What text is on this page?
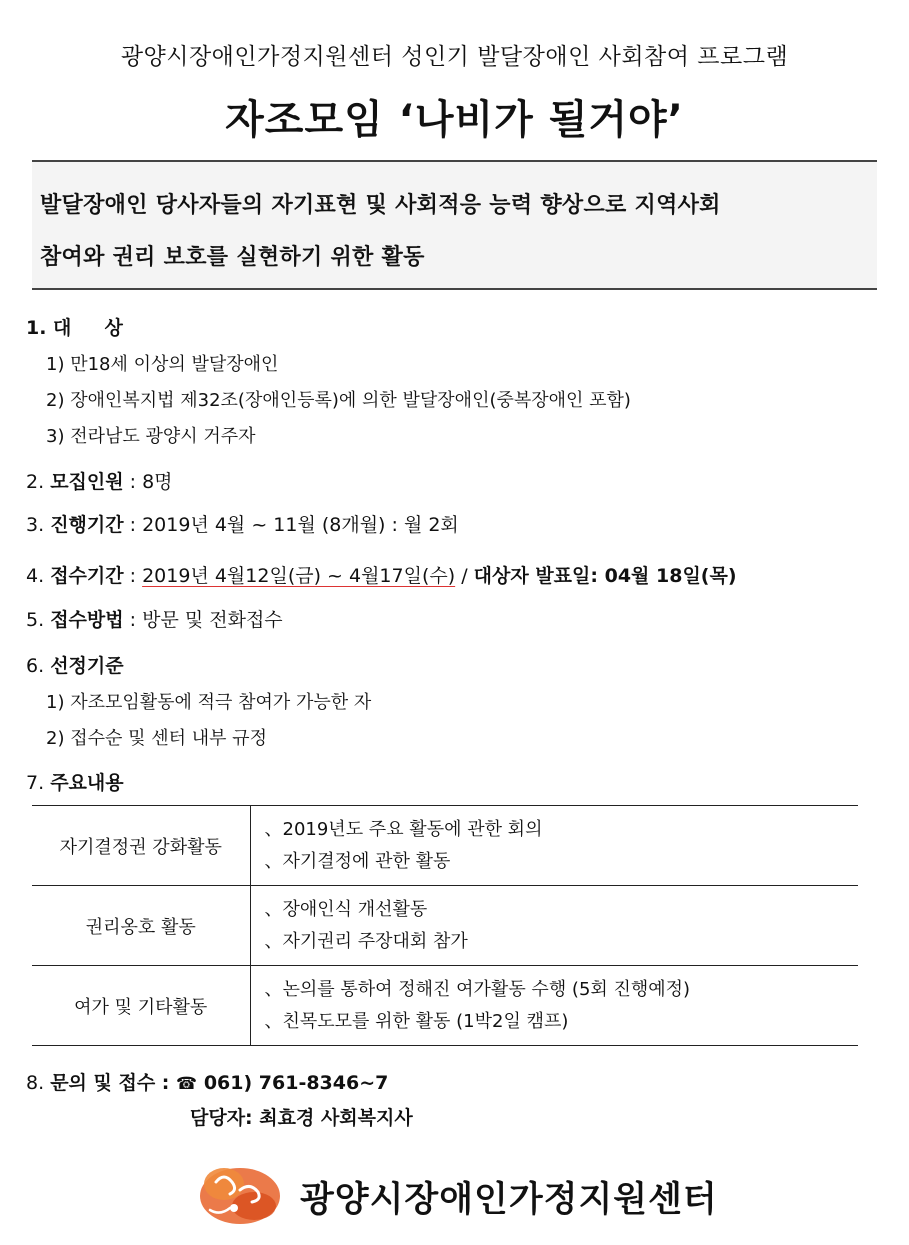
광양시장애인가정지원센터 성인기 발달장애인 사회참여 프로그램
자조모임 ‘나비가 될거야’
발달장애인 당사자들의 자기표현 및 사회적응 능력 향상으로 지역사회
참여와 권리 보호를 실현하기 위한 활동
1. 대     상
1) 만18세 이상의 발달장애인
2) 장애인복지법 제32조(장애인등록)에 의한 발달장애인(중복장애인 포함)
3) 전라남도 광양시 거주자
2. 모집인원 : 8명
3. 진행기간 : 2019년 4월 ~ 11월 (8개월) : 월 2회
4. 접수기간 : 2019년 4월12일(금) ~ 4월17일(수) / 대상자 발표일: 04월 18일(목)
5. 접수방법 : 방문 및 전화접수
6. 선정기준
1) 자조모임활동에 적극 참여가 가능한 자
2) 접수순 및 센터 내부 규정
7. 주요내용
자기결정권 강화활동	、2019년도 주요 활동에 관한 회의
、자기결정에 관한 활동

권리옹호 활동	、장애인식 개선활동
、자기권리 주장대회 참가

여가 및 기타활동	、논의를 통하여 정해진 여가활동 수행 (5회 진행예정)
、친목도모를 위한 활동 (1박2일 캠프)
8. 문의 및 접수 : ☎ 061) 761-8346~7
담당자: 최효경 사회복지사
광양시장애인가정지원센터
